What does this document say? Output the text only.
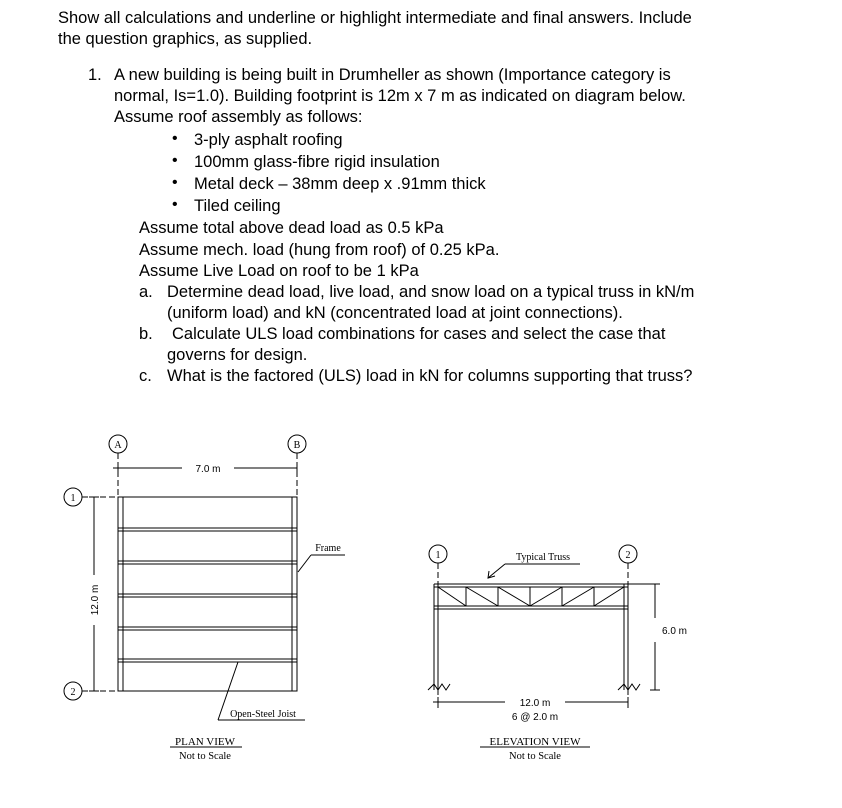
Show all calculations and underline or highlight intermediate and final answers. Include
the question graphics, as supplied.
1. A new building is being built in Drumheller as shown (Importance category is
normal, Is=1.0). Building footprint is 12m x 7 m as indicated on diagram below.
Assume roof assembly as follows:
• 3-ply asphalt roofing
• 100mm glass-fibre rigid insulation
• Metal deck – 38mm deep x .91mm thick
• Tiled ceiling
Assume total above dead load as 0.5 kPa
Assume mech. load (hung from roof) of 0.25 kPa.
Assume Live Load on roof to be 1 kPa
a. Determine dead load, live load, and snow load on a typical truss in kN/m
(uniform load) and kN (concentrated load at joint connections).
b. Calculate ULS load combinations for cases and select the case that
governs for design.
c. What is the factored (ULS) load in kN for columns supporting that truss?
A	B
1
2
7.0 m
12.0 m
Frame
Open-Steel Joist
PLAN VIEW
Not to Scale
1	2
Typical Truss
6.0 m
12.0 m
6 @ 2.0 m
ELEVATION VIEW
Not to Scale
